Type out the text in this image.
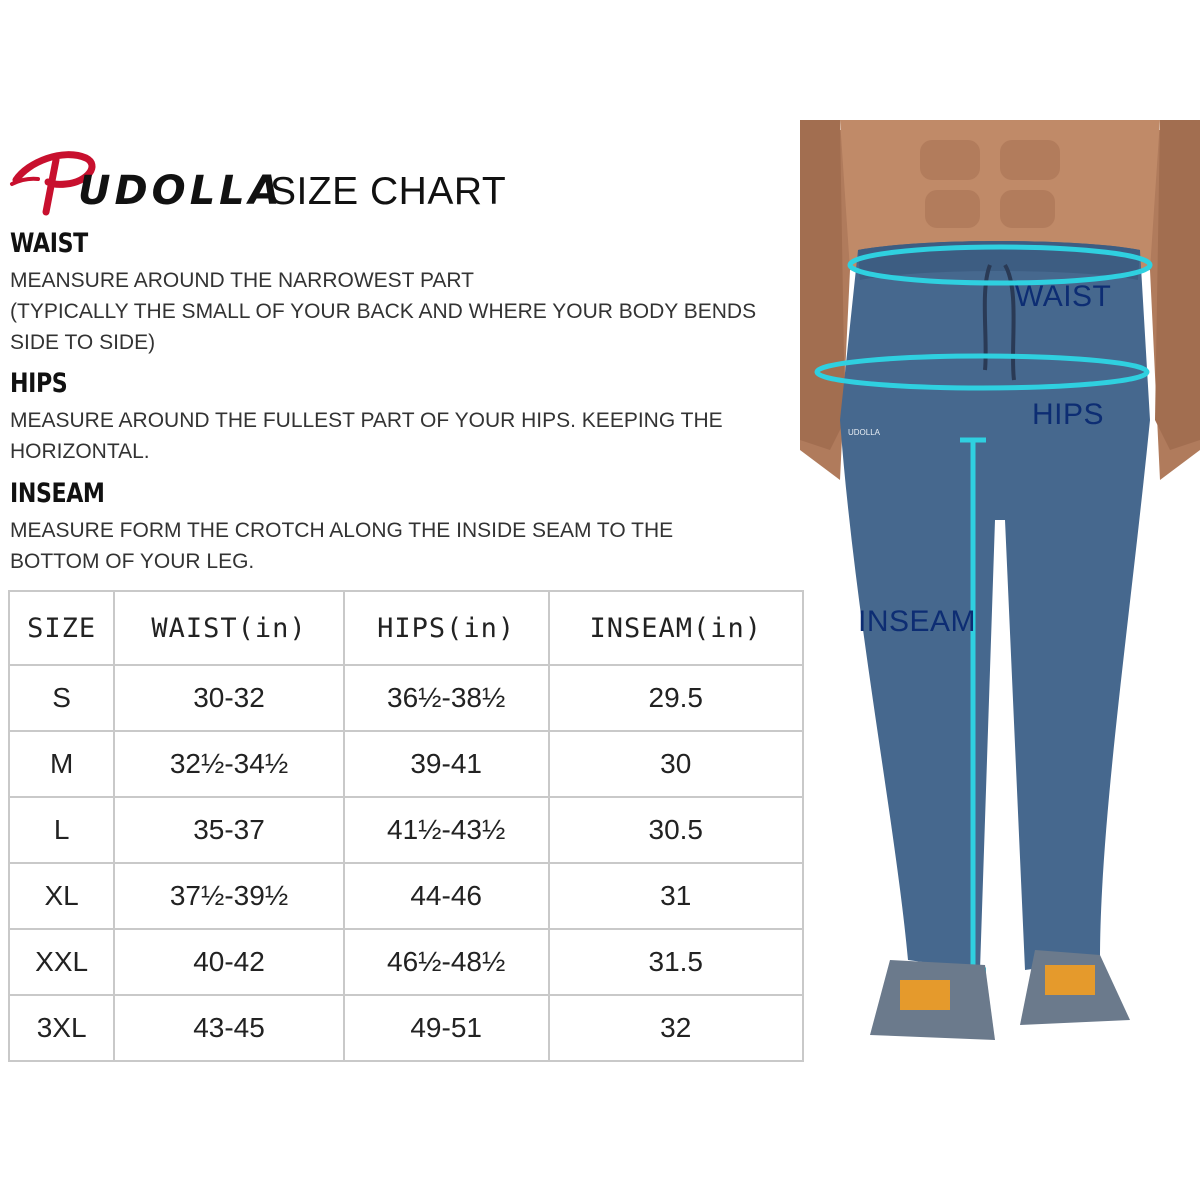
UDOLLA
SIZE CHART
WAIST
MEANSURE AROUND THE NARROWEST PART
(TYPICALLY THE SMALL OF YOUR BACK AND WHERE YOUR BODY BENDS
SIDE TO SIDE)
HIPS
MEASURE AROUND THE FULLEST PART OF YOUR HIPS. KEEPING THE
HORIZONTAL.
INSEAM
MEASURE FORM THE CROTCH ALONG THE INSIDE SEAM TO THE
BOTTOM OF YOUR LEG.
SIZE	WAIST(in)	HIPS(in)	INSEAM(in)
S	30-32	36½-38½	29.5
M	32½-34½	39-41	30
L	35-37	41½-43½	30.5
XL	37½-39½	44-46	31
XXL	40-42	46½-48½	31.5
3XL	43-45	49-51	32
WAIST
HIPS
INSEAM
UDOLLA
